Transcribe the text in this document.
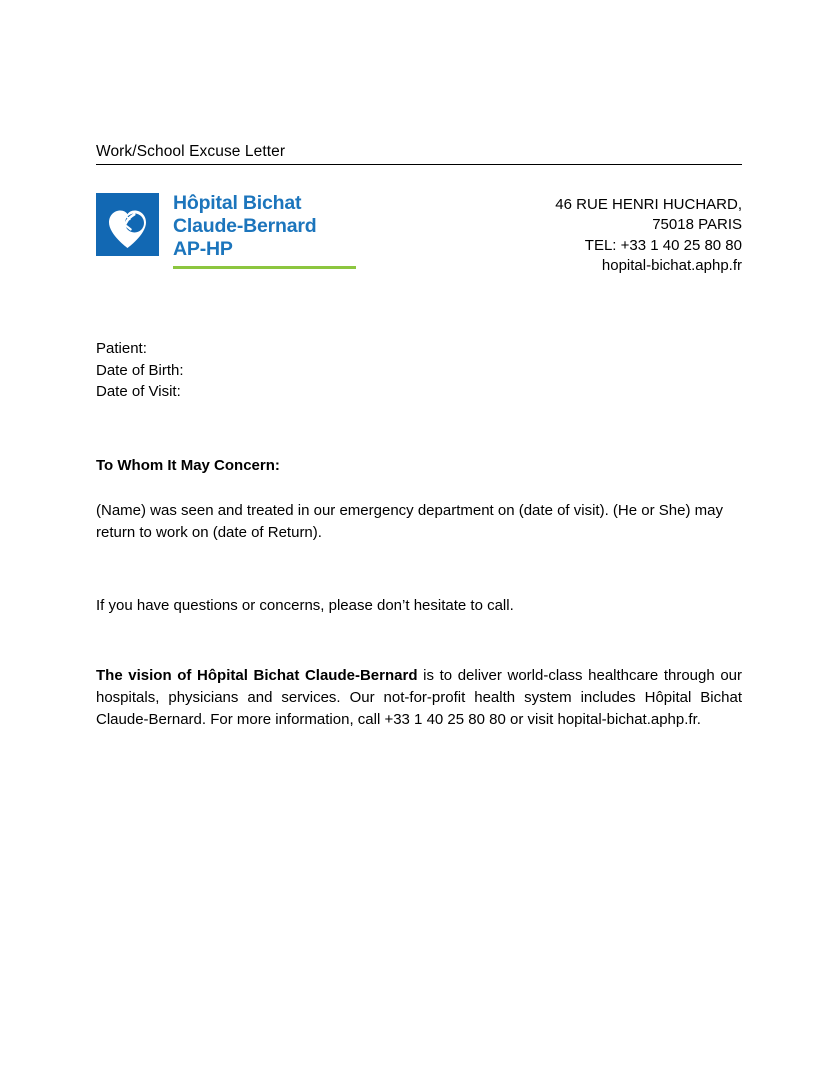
Work/School Excuse Letter
Hôpital Bichat
Claude-Bernard
AP-HP
46 RUE HENRI HUCHARD,
75018 PARIS
TEL: +33 1 40 25 80 80
hopital-bichat.aphp.fr
Patient:
Date of Birth:
Date of Visit:
To Whom It May Concern:

(Name) was seen and treated in our emergency department on (date of visit). (He or She) may return to work on (date of Return).

If you have questions or concerns, please don’t hesitate to call.

The vision of Hôpital Bichat Claude-Bernard is to deliver world-class healthcare through our hospitals, physicians and services. Our not-for-profit health system includes Hôpital Bichat Claude-Bernard. For more information, call +33 1 40 25 80 80 or visit hopital-bichat.aphp.fr.
